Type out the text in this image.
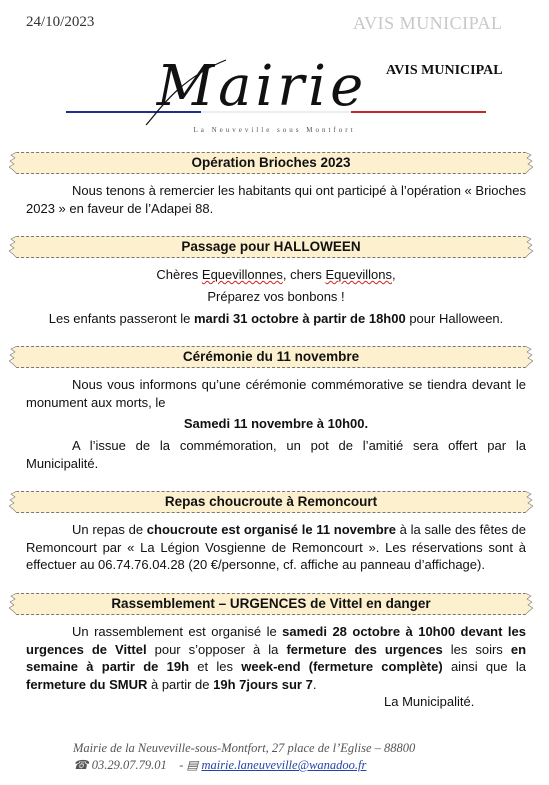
24/10/2023	AVIS MUNICIPAL
Mairie AVIS MUNICIPAL
La Neuveville sous Montfort
Opération Brioches 2023
Nous tenons à remercier les habitants qui ont participé à l’opération « Brioches 2023 » en faveur de l’Adapei 88.
Passage pour HALLOWEEN
Chères Equevillonnes, chers Equevillons,
Préparez vos bonbons !
Les enfants passeront le mardi 31 octobre à partir de 18h00 pour Halloween.
Cérémonie du 11 novembre
Nous vous informons qu’une cérémonie commémorative se tiendra devant le monument aux morts, le
Samedi 11 novembre à 10h00.
A l’issue de la commémoration, un pot de l’amitié sera offert par la Municipalité.
Repas choucroute à Remoncourt
Un repas de choucroute est organisé le 11 novembre à la salle des fêtes de Remoncourt par « La Légion Vosgienne de Remoncourt ». Les réservations sont à effectuer au 06.74.76.04.28 (20 €/personne, cf. affiche au panneau d’affichage).
Rassemblement – URGENCES de Vittel en danger
Un rassemblement est organisé le samedi 28 octobre à 10h00 devant les urgences de Vittel pour s’opposer à la fermeture des urgences les soirs en semaine à partir de 19h et les week-end (fermeture complète) ainsi que la fermeture du SMUR à partir de 19h 7jours sur 7.
La Municipalité.
Mairie de la Neuveville-sous-Montfort, 27 place de l’Eglise – 88800
☎ 03.29.07.79.01 - ▤ mairie.laneuveville@wanadoo.fr
